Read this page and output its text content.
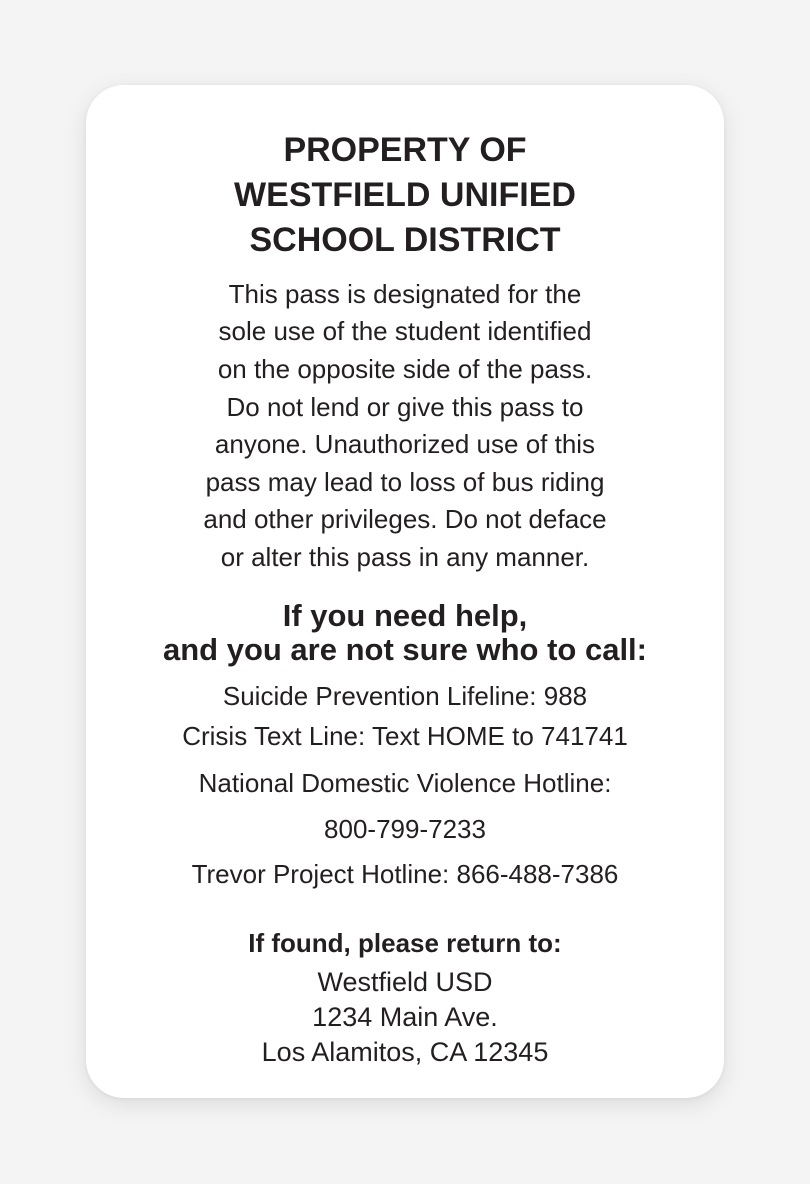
PROPERTY OF
WESTFIELD UNIFIED
SCHOOL DISTRICT
This pass is designated for the
sole use of the student identified
on the opposite side of the pass.
Do not lend or give this pass to
anyone. Unauthorized use of this
pass may lead to loss of bus riding
and other privileges. Do not deface
or alter this pass in any manner.
If you need help,
and you are not sure who to call:
Suicide Prevention Lifeline: 988
Crisis Text Line: Text HOME to 741741
National Domestic Violence Hotline:
800-799-7233
Trevor Project Hotline: 866-488-7386
If found, please return to:
Westfield USD
1234 Main Ave.
Los Alamitos, CA 12345
